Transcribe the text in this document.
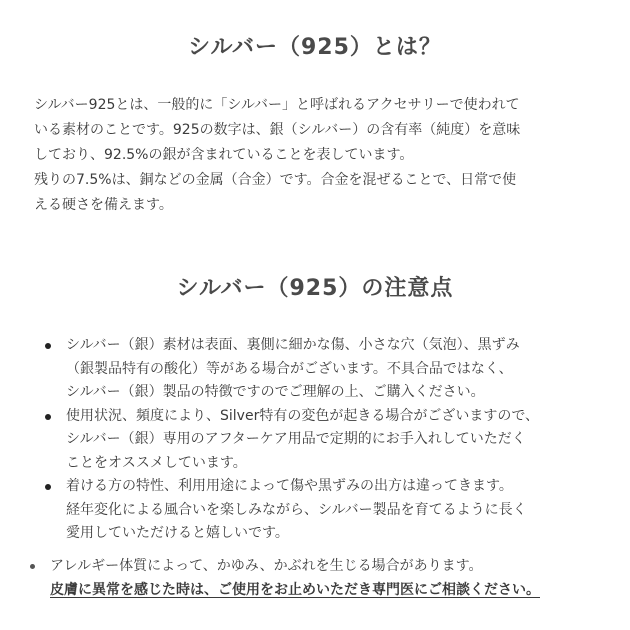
シルバー（925）とは？
シルバー925とは、一般的に「シルバー」と呼ばれるアクセサリーで使われて
いる素材のことです。925の数字は、銀（シルバー）の含有率（純度）を意味
しており、92.5%の銀が含まれていることを表しています。
残りの7.5%は、銅などの金属（合金）です。合金を混ぜることで、日常で使
える硬さを備えます。
シルバー（925）の注意点
シルバー（銀）素材は表面、裏側に細かな傷、小さな穴（気泡）、黒ずみ
（銀製品特有の酸化）等がある場合がございます。不具合品ではなく、
シルバー（銀）製品の特徴ですのでご理解の上、ご購入ください。
使用状況、頻度により、Silver特有の変色が起きる場合がございますので、
シルバー（銀）専用のアフターケア用品で定期的にお手入れしていただく
ことをオススメしています。
着ける方の特性、利用用途によって傷や黒ずみの出方は違ってきます。
経年変化による風合いを楽しみながら、シルバー製品を育てるように長く
愛用していただけると嬉しいです。
アレルギー体質によって、かゆみ、かぶれを生じる場合があります。
皮膚に異常を感じた時は、ご使用をお止めいただき専門医にご相談ください。
